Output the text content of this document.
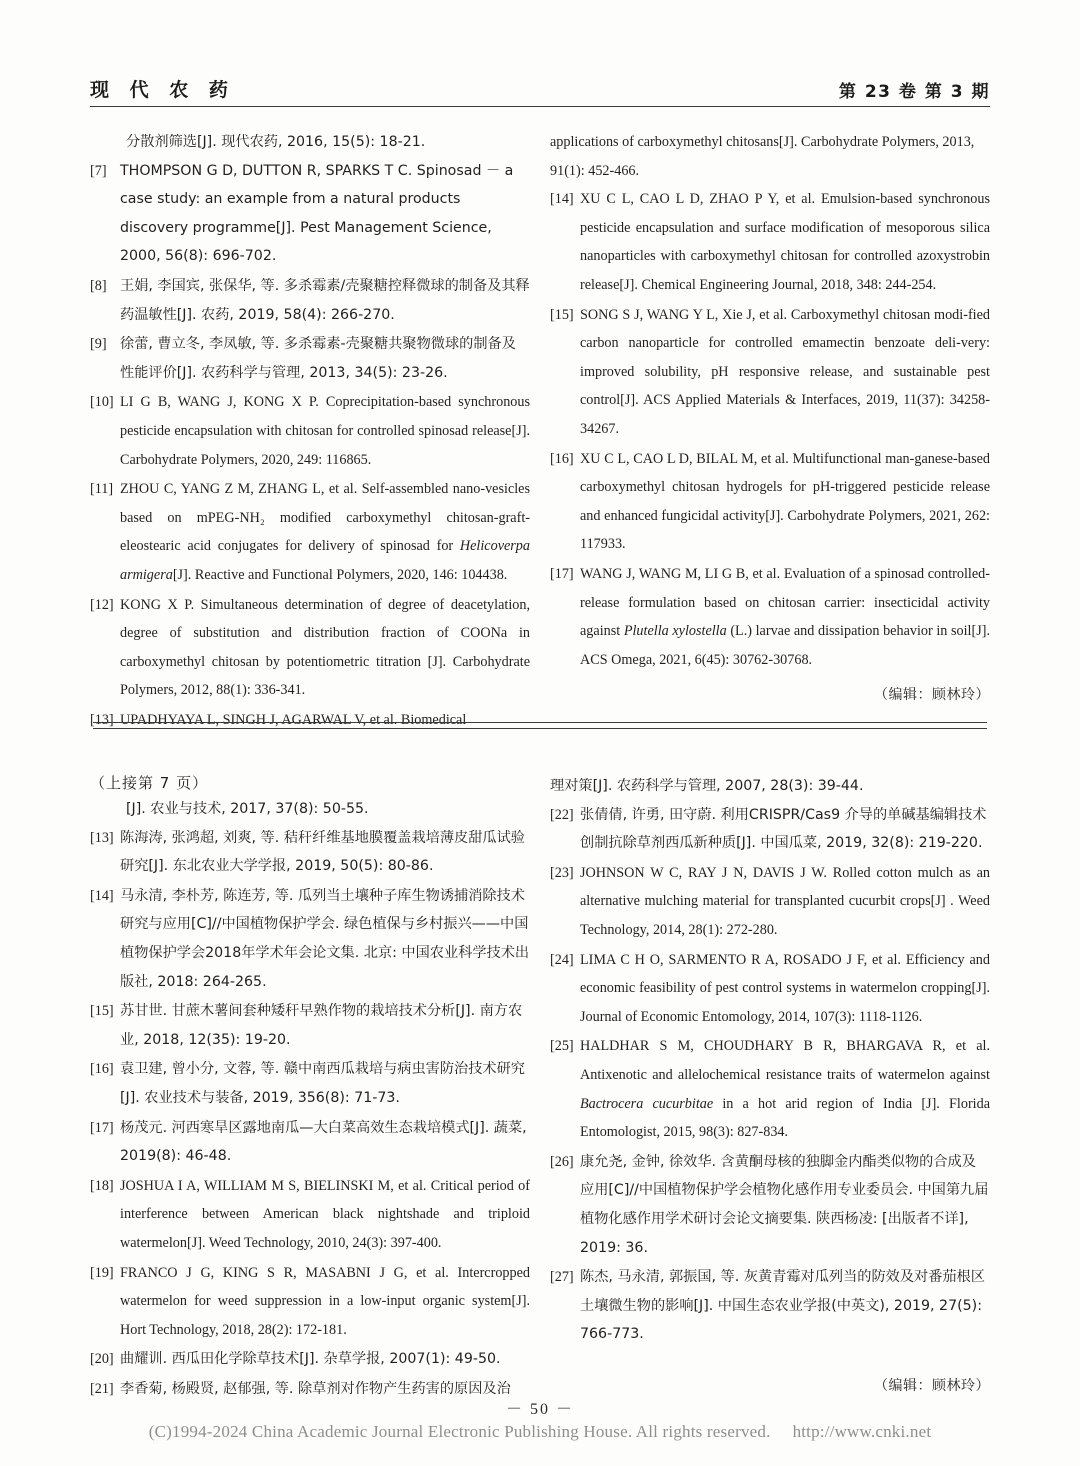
现 代 农 药	第 23 卷 第 3 期
分散剂筛选[J]. 现代农药, 2016, 15(5): 18-21.
[7] THOMPSON G D, DUTTON R, SPARKS T C. Spinosad － a case study: an example from a natural products discovery programme[J]. Pest Management Science, 2000, 56(8): 696-702.
[8] 王娟, 李国宾, 张保华, 等. 多杀霉素/壳聚糖控释微球的制备及其释药温敏性[J]. 农药, 2019, 58(4): 266-270.
[9] 徐蕾, 曹立冬, 李凤敏, 等. 多杀霉素-壳聚糖共聚物微球的制备及性能评价[J]. 农药科学与管理, 2013, 34(5): 23-26.
[10] LI G B, WANG J, KONG X P. Coprecipitation-based synchronous pesticide encapsulation with chitosan for controlled spinosad release[J]. Carbohydrate Polymers, 2020, 249: 116865.
[11] ZHOU C, YANG Z M, ZHANG L, et al. Self-assembled nano-vesicles based on mPEG-NH₂ modified carboxymethyl chitosan-graft-eleostearic acid conjugates for delivery of spinosad for Helicoverpa armigera[J]. Reactive and Functional Polymers, 2020, 146: 104438.
[12] KONG X P. Simultaneous determination of degree of deacetylation, degree of substitution and distribution fraction of COONa in carboxymethyl chitosan by potentiometric titration [J]. Carbohydrate Polymers, 2012, 88(1): 336-341.
[13] UPADHYAYA L, SINGH J, AGARWAL V, et al. Biomedical
applications of carboxymethyl chitosans[J]. Carbohydrate Polymers, 2013, 91(1): 452-466.
[14] XU C L, CAO L D, ZHAO P Y, et al. Emulsion-based synchronous pesticide encapsulation and surface modification of mesoporous silica nanoparticles with carboxymethyl chitosan for controlled azoxystrobin release[J]. Chemical Engineering Journal, 2018, 348: 244-254.
[15] SONG S J, WANG Y L, Xie J, et al. Carboxymethyl chitosan modi-fied carbon nanoparticle for controlled emamectin benzoate deli-very: improved solubility, pH responsive release, and sustainable pest control[J]. ACS Applied Materials & Interfaces, 2019, 11(37): 34258-34267.
[16] XU C L, CAO L D, BILAL M, et al. Multifunctional man-ganese-based carboxymethyl chitosan hydrogels for pH-triggered pesticide release and enhanced fungicidal activity[J]. Carbohydrate Polymers, 2021, 262: 117933.
[17] WANG J, WANG M, LI G B, et al. Evaluation of a spinosad controlled-release formulation based on chitosan carrier: insecticidal activity against Plutella xylostella (L.) larvae and dissipation behavior in soil[J]. ACS Omega, 2021, 6(45): 30762-30768.
（编辑：顾林玲）
（上接第 7 页）
[J]. 农业与技术, 2017, 37(8): 50-55.
[13] 陈海涛, 张鸿超, 刘爽, 等. 秸秆纤维基地膜覆盖栽培薄皮甜瓜试验研究[J]. 东北农业大学学报, 2019, 50(5): 80-86.
[14] 马永清, 李朴芳, 陈连芳, 等. 瓜列当土壤种子库生物诱捕消除技术研究与应用[C]//中国植物保护学会. 绿色植保与乡村振兴——中国植物保护学会2018年学术年会论文集. 北京: 中国农业科学技术出版社, 2018: 264-265.
[15] 苏甘世. 甘蔗木薯间套种矮秆早熟作物的栽培技术分析[J]. 南方农业, 2018, 12(35): 19-20.
[16] 袁卫建, 曾小分, 文蓉, 等. 赣中南西瓜栽培与病虫害防治技术研究[J]. 农业技术与装备, 2019, 356(8): 71-73.
[17] 杨茂元. 河西寒旱区露地南瓜—大白菜高效生态栽培模式[J]. 蔬菜, 2019(8): 46-48.
[18] JOSHUA I A, WILLIAM M S, BIELINSKI M, et al. Critical period of interference between American black nightshade and triploid watermelon[J]. Weed Technology, 2010, 24(3): 397-400.
[19] FRANCO J G, KING S R, MASABNI J G, et al. Intercropped watermelon for weed suppression in a low-input organic system[J]. Hort Technology, 2018, 28(2): 172-181.
[20] 曲耀训. 西瓜田化学除草技术[J]. 杂草学报, 2007(1): 49-50.
[21] 李香菊, 杨殿贤, 赵郁强, 等. 除草剂对作物产生药害的原因及治
理对策[J]. 农药科学与管理, 2007, 28(3): 39-44.
[22] 张倩倩, 许勇, 田守蔚. 利用CRISPR/Cas9 介导的单碱基编辑技术创制抗除草剂西瓜新种质[J]. 中国瓜菜, 2019, 32(8): 219-220.
[23] JOHNSON W C, RAY J N, DAVIS J W. Rolled cotton mulch as an alternative mulching material for transplanted cucurbit crops[J] . Weed Technology, 2014, 28(1): 272-280.
[24] LIMA C H O, SARMENTO R A, ROSADO J F, et al. Efficiency and economic feasibility of pest control systems in watermelon cropping[J]. Journal of Economic Entomology, 2014, 107(3): 1118-1126.
[25] HALDHAR S M, CHOUDHARY B R, BHARGAVA R, et al. Antixenotic and allelochemical resistance traits of watermelon against Bactrocera cucurbitae in a hot arid region of India [J]. Florida Entomologist, 2015, 98(3): 827-834.
[26] 康允尧, 金钟, 徐效华. 含黄酮母核的独脚金内酯类似物的合成及应用[C]//中国植物保护学会植物化感作用专业委员会. 中国第九届植物化感作用学术研讨会论文摘要集. 陕西杨凌: [出版者不详], 2019: 36.
[27] 陈杰, 马永清, 郭振国, 等. 灰黄青霉对瓜列当的防效及对番茄根区土壤微生物的影响[J]. 中国生态农业学报(中英文), 2019, 27(5): 766-773.
（编辑：顾林玲）
－ 50 －
(C)1994-2024 China Academic Journal Electronic Publishing House. All rights reserved. http://www.cnki.net
